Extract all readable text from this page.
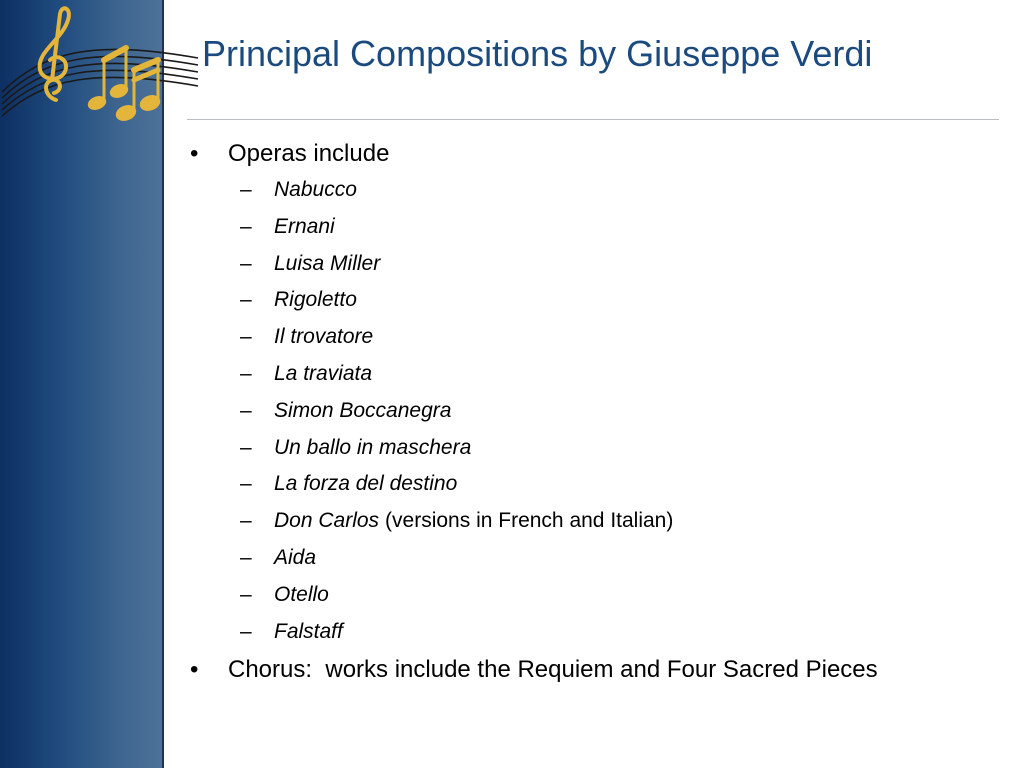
Principal Compositions by Giuseppe Verdi
•	Operas include
–	Nabucco
–	Ernani
–	Luisa Miller
–	Rigoletto
–	Il trovatore
–	La traviata
–	Simon Boccanegra
–	Un ballo in maschera
–	La forza del destino
–	Don Carlos (versions in French and Italian)
–	Aida
–	Otello
–	Falstaff
•	Chorus:  works include the Requiem and Four Sacred Pieces
